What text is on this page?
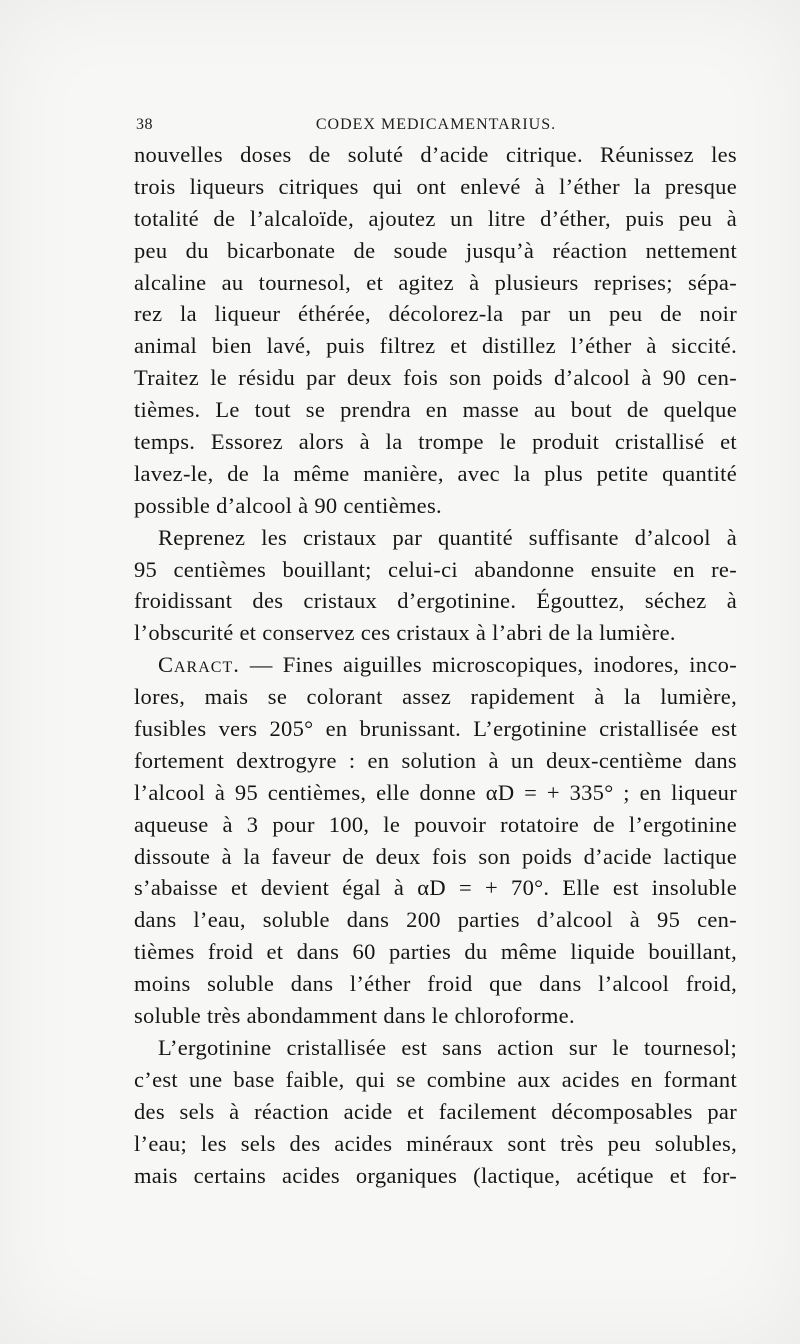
38	CODEX MEDICAMENTARIUS.
nouvelles doses de soluté d’acide citrique. Réunissez les
trois liqueurs citriques qui ont enlevé à l’éther la presque
totalité de l’alcaloïde, ajoutez un litre d’éther, puis peu à
peu du bicarbonate de soude jusqu’à réaction nettement
alcaline au tournesol, et agitez à plusieurs reprises; sépa-
rez la liqueur éthérée, décolorez-la par un peu de noir
animal bien lavé, puis filtrez et distillez l’éther à siccité.
Traitez le résidu par deux fois son poids d’alcool à 90 cen-
tièmes. Le tout se prendra en masse au bout de quelque
temps. Essorez alors à la trompe le produit cristallisé et
lavez-le, de la même manière, avec la plus petite quantité
possible d’alcool à 90 centièmes.
Reprenez les cristaux par quantité suffisante d’alcool à
95 centièmes bouillant; celui-ci abandonne ensuite en re-
froidissant des cristaux d’ergotinine. Égouttez, séchez à
l’obscurité et conservez ces cristaux à l’abri de la lumière.
Caract. — Fines aiguilles microscopiques, inodores, inco-
lores, mais se colorant assez rapidement à la lumière,
fusibles vers 205° en brunissant. L’ergotinine cristallisée est
fortement dextrogyre : en solution à un deux-centième dans
l’alcool à 95 centièmes, elle donne αD = + 335° ; en liqueur
aqueuse à 3 pour 100, le pouvoir rotatoire de l’ergotinine
dissoute à la faveur de deux fois son poids d’acide lactique
s’abaisse et devient égal à αD = + 70°. Elle est insoluble
dans l’eau, soluble dans 200 parties d’alcool à 95 cen-
tièmes froid et dans 60 parties du même liquide bouillant,
moins soluble dans l’éther froid que dans l’alcool froid,
soluble très abondamment dans le chloroforme.
L’ergotinine cristallisée est sans action sur le tournesol;
c’est une base faible, qui se combine aux acides en formant
des sels à réaction acide et facilement décomposables par
l’eau; les sels des acides minéraux sont très peu solubles,
mais certains acides organiques (lactique, acétique et for-
